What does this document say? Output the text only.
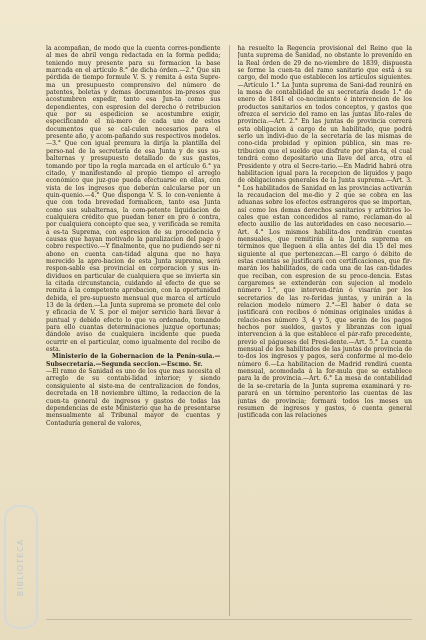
BIBLIOTECA

la acompañan, de modo que la cuenta corres-pondiente al mes de abril venga redactada en la forma pedida; teniendo muy presente para su formacion la base marcada en el artículo 8.° de dicha órden.—2.° Que sin pérdida de tiempo formule V. S. y remita á esta Supre-ma un presupuesto comprensivo del número de patentes, boletas y demas documentos im-presos que acostumbren expedir, tanto esa Jun-ta como sus dependientes, con espresion del derecho ó retribucion que por su espedicion se acostumbre exigir, especificando el nú-mero de cada uno de estos documentos que se cal-culen necesarios para el presente año, y acom-pañando sus respectivos modelos.—3.° Que con igual premura la dirija la plantilla del perso-nal de la secretaría de esa Junta y de sus su-balternas y presupuesto detallado de sus gastos, tomando por tipo la regla marcada en el artículo 6.° ya citado, y manifestando al propio tiempo el arreglo económico que juz-gue pueda efectuarse en ellas, con vista de los ingresos que deberán calcularse por un quin-quenio.—4.° Que disponga V. S. lo con-veniente á que con toda brevedad formalicen, tanto esa Junta como sus subalternas, la com-petente liquidacion de cualquiera crédito que puedan tener en pro ó contra, por cualquiera concepto que sea, y verificada se remita á es-ta Suprema, con espresion de su procedencia y causas que hayan motivado la paralizacion del pago ó cobro respectivo.—Y finalmente, que no pudiendo ser ni abono en cuenta can-tidad alguna que no haya merecido la apro-bacion de esta Junta suprema, será respon-sable esa provincial en corporacion y sus in-dividuos en particular de cualquiera que se invierta sin la citada circunstancia, cuidando al efecto de que se remita á la competente aprobacion, con la oportunidad debida, el pre-supuesto mensual que marca el artículo 13 de la órden.—La Junta suprema se promete del celo y eficacia de V. S. por el mejor servicio hará llevar á puntual y debido efecto lo que va ordenado, tomando para ello cuantas determinaciones juzgue oportunas; dándole aviso de cualquiera incidente que pueda ocurrir en el particular, como igualmente del recibo de esta.

Ministerio de la Gobernacion de la Penín-sula.—Subsecretaría.—Segunda seccion.—Escmo. Sr.

—El ramo de Sanidad es uno de los que mas necesita el arreglo de su contabi-lidad interior; y siendo consiguiente al siste-ma de centralizacion de fondos, decretada en 18 noviembre último, la redaccion de la cuen-ta general de ingresos y gastos de todas las dependencias de este Ministerio que ha de presentarse mensualmente al Tribunal mayor de cuentas y Contaduría general de valores,

ha resuelto la Regencia provisional del Reino que la Junta suprema de Sanidad, no obstante lo prevenido en la Real órden de 29 de no-viembre de 1839, dispuesta se forme la cuen-ta del ramo sanitario que está á su cargo, del modo que establecen los artículos siguientes.—Artículo 1.° La Junta suprema de Sani-dad reunirá en la mesa de contabilidad de su secretaría desde 1.° de enero de 1841 el co-nocimiento é intervencion de los productos sanitarios en todos conceptos, y gastos que ofrezca el servicio del ramo en las juntas lito-rales de provincia.—Art. 2.° En las juntas de provincia correrá esta obligacion á cargo de un habilitado, que podrá serlo un indivi-duo de la secretaría de las mismas de cono-cida probidad y opinion pública, sin mas re-tribucion que el sueldo que disfrute por plan-ta, el cual tendrá como depositario una llave del arca, otra el Presidente y otra el Secre-tario.—En Madrid habrá otra habilitacion igual para la recepcion de líquidos y pago de obligaciones generales de la Junta suprema.—Art. 3.° Los habilitados de Sanidad en las provincias activarán la recaudacion del me-dio y 2 que se cobra en las aduanas sobre los efectos estrangeros que se importan, así como los demas derechos sanitarios y arbitrios lo-cales que estan concedidos al ramo, reclaman-do al efecto auxilio de las autoridades en caso necesario.—Art. 4.° Los mismos habilita-dos rendirán cuentas mensuales, que remitirán á la Junta suprema en términos que lleguen á ella antes del dia 15 del mes siguiente al que pertenezcan.—El cargo ó débito de estas cuentas se justificará con certificaciones, que fir-marán los habilitados, de cada una de las can-tidades que reciban, con espresion de su proce-dencia. Estas cargaremes se extenderán con sujecion al modelo número 1.°, que interven-drán ó visarán por los secretarios de las re-feridas juntas, y unirán a la relacion modelo número 2.°—El haber ó data se justificará con recibos ó nóminas originales unidas á relacio-nes número 3, 4 y 5, que serán de los pagos hechos por sueldos, gastos y libranzas con igual intervencion á la que establece el pár-rafo precedente, previo el págueses del Presi-dente.—Art. 5.° La cuenta mensual de los habilitados de las juntas de provincia de to-dos los ingresos y pagos, será conforme al mo-delo número 6.—La habilitacion de Madrid rendirá cuenta mensual, acomodada á la for-mula que se establece para la de provincia.—Art. 6.° La mesa de contabilidad de la se-cretaría de la Junta suprema examinará y re-parará en un término perentorio las cuentas de las juntas de provincia; formará todos los meses un resumen de ingresos y gastos, ó cuenta general justificada con las relaciones
